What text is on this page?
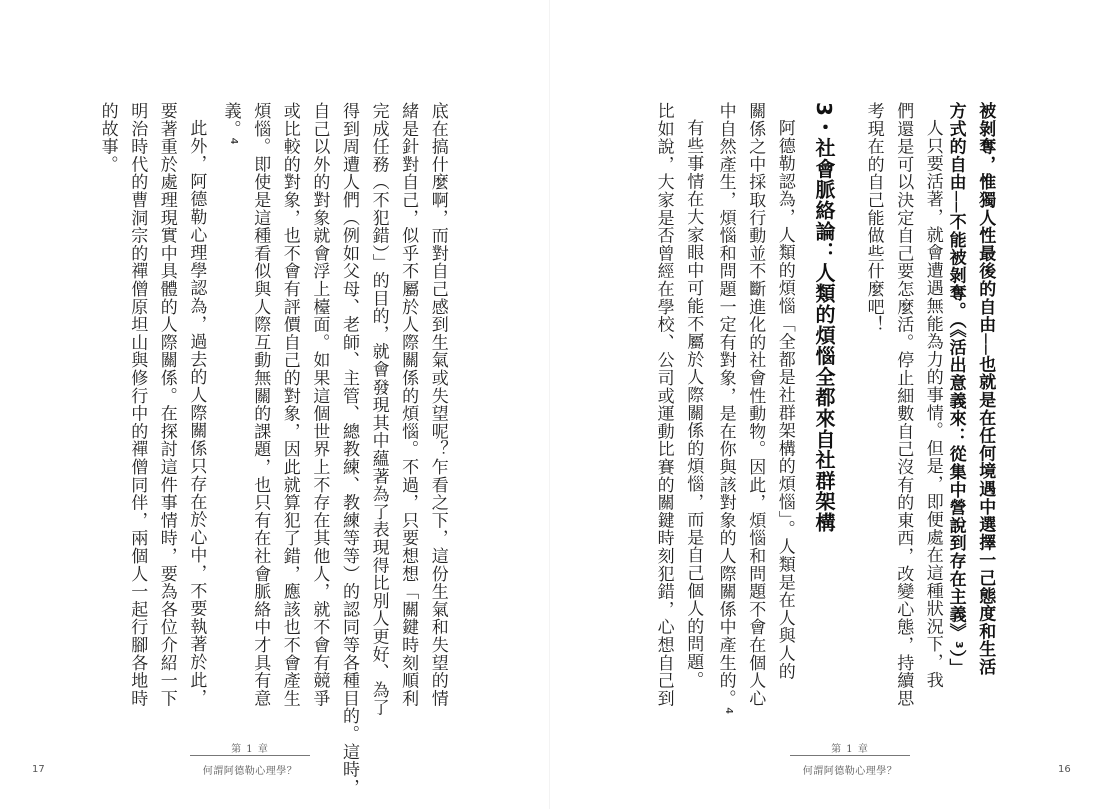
被剝奪，惟獨人性最後的自由──也就是在任何境遇中選擇一己態度和生活
方式的自由──不能被剝奪。（《活出意義來：從集中營說到存在主義》³）」
人只要活著，就會遭遇無能為力的事情。但是，即便處在這種狀況下，我
們還是可以決定自己要怎麼活。停止細數自己沒有的東西，改變心態，持續思
考現在的自己能做些什麼吧！
3・社會脈絡論：人類的煩惱全都來自社群架構
阿德勒認為，人類的煩惱「全都是社群架構的煩惱」。人類是在人與人的
關係之中採取行動並不斷進化的社會性動物。因此，煩惱和問題不會在個人心
中自然產生，煩惱和問題一定有對象，是在你與該對象的人際關係中產生的。⁴
有些事情在大家眼中可能不屬於人際關係的煩惱，而是自己個人的問題。
比如說，大家是否曾經在學校、公司或運動比賽的關鍵時刻犯錯，心想自己到
第 1 章
何謂阿德勒心理學？	16
底在搞什麼啊，而對自己感到生氣或失望呢？乍看之下，這份生氣和失望的情
緒是針對自己，似乎不屬於人際關係的煩惱。不過，只要想想「關鍵時刻順利
完成任務（不犯錯）」的目的，就會發現其中蘊著為了表現得比別人更好、為了
得到周遭人們（例如父母、老師、主管、總教練、教練等等）的認同等各種目的。這時，
自己以外的對象就會浮上檯面。如果這個世界上不存在其他人，就不會有競爭
或比較的對象，也不會有評價自己的對象，因此就算犯了錯，應該也不會產生
煩惱。即使是這種看似與人際互動無關的課題，也只有在社會脈絡中才具有意
義。⁴
此外，阿德勒心理學認為，過去的人際關係只存在於心中，不要執著於此，
要著重於處理現實中具體的人際關係。在探討這件事情時，要為各位介紹一下
明治時代的曹洞宗的禪僧原坦山與修行中的禪僧同伴，兩個人一起行腳各地時
的故事。
第 1 章
何謂阿德勒心理學？
17
